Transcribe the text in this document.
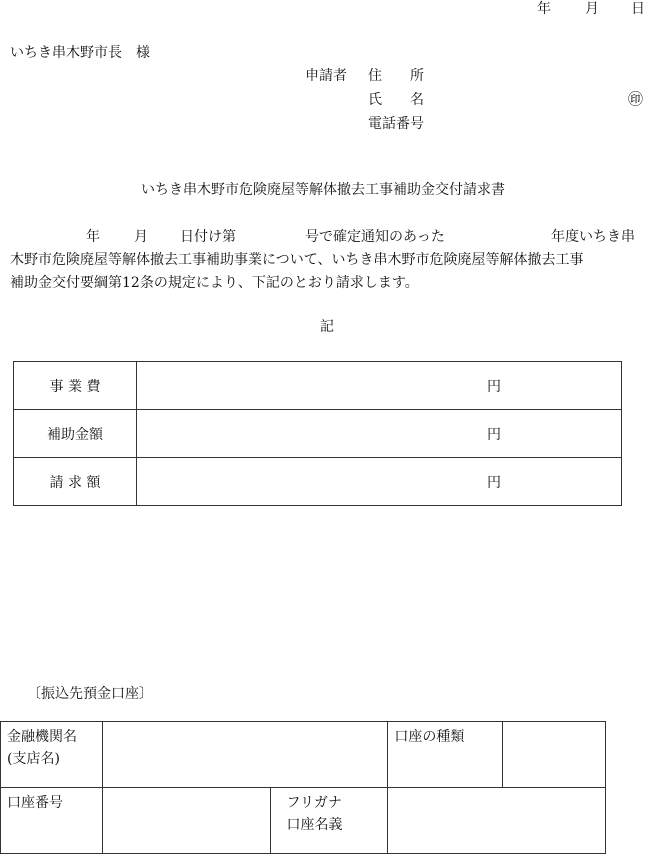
年 月 日
いちき串木野市長　様
申請者 住　　所
氏　　名	㊞
電話番号
いちき串木野市危険廃屋等解体撤去工事補助金交付請求書
年 月 日付け第	号で確定通知のあった	年度いちき串
木野市危険廃屋等解体撤去工事補助事業について、いちき串木野市危険廃屋等解体撤去工事
補助金交付要綱第12条の規定により、下記のとおり請求します。
記
事 業 費	円
補助金額	円
請 求 額	円
〔振込先預金口座〕
金融機関名
(支店名)			口座の種類	
口座番号		フリガナ
口座名義		
